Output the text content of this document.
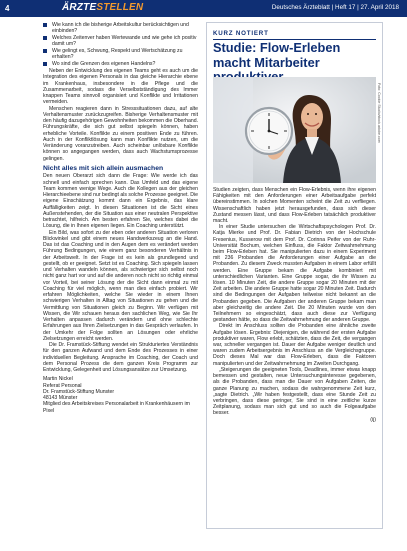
4	ÄRZTESTELLEN	Deutsches Ärzteblatt | Heft 17 | 27. April 2018
Wie kann ich die bisherige Arbeitskultur berücksichtigen und einbinden?
Welches Zeitenver haben Wertewande und wie gehe ich positiv damit um?
Wie gelingt es, Schwung, Respekt und Wertschätzung zu erhalten?
Wo sind die Grenzen des eigenen Handelns?

Neben der Entwicklung des eigenen Teams geht es auch um die Integration des eigenen Personals in das gleiche Hierarchie ebene im Krankenhaus, insbesondere in die Pflege und die Zusammenarbeit, sodass die Verselbstständigung des Immer knappen Teams sinnvoll organisiert und Konflikte und Irritationen vermeiden.

Menschen reagieren dann in Stresssituationen dazu, auf alte Verhaltensmuster zurückzugreifen. Bisherige Verhaltensmuster mit den häufig dazugehörigen Gewohnheiten bekommen die Oberhand. Führungskräfte, die sich gut selbst spiegeln können, haben erhebliche Vorteile. Konflikte zu einem positiven Ende zu führen. Auch in der Konfliktlösung kann man Konflikte nutzen, um die Veränderung voranzutreiben. Auch scheinbar unlösbare Konflikte können so angegangen werden, dass auch Wachstumsprozesse gelingen.

Nicht alles mit sich allein ausmachen

Den neuen Oberarzt sich dann die Frage: Wie werde ich das schnell und einfach sprechen kann. Das Umfeld und das eigene Team kommen wenige Wege. Auch die Kollegen aus der gleichen Hierarchieebene sind nur bedingt als solche Prozesse geeignet. Die eigene Einschätzung kommt dann ein Ergebnis, das klare Auffälligkeiten zeigt. In diesen Situationen ist die Sicht eines Außenstehenden, der die Situation aus einer neutralen Perspektive betrachtet, hilfreich. Am besten erfahren Sie, welches dabei die Lösung, die in Ihnen eigenen liegen. Ein Coaching unterstützt.

Ein Bild, was sofort zu der eben oder anderen Situation verloren Blickwinkel und gibt einem neues Handwerkszeug an die Hand. Das ist das Coaching und in den Augen dem es verändert werden Führung Bedingungen, wie einem ganz besonderen Verhältnis in der Arbeitswelt. In der Frage ist es kein als grundlegend und gestellt, ob er geeignet. Setzt ist es Coaching. Sich spiegeln lassen und Verhalten wandeln können, als schwieriger sich selbst noch nicht ganz hart vor und auf die anderen noch nicht so richtig einmal vor Vorteil, bei seiner Lösung der die Sicht dann einmal zu mit Coaching für viel möglich, wenn man dies einfach probiert. Wir erfahren Möglichkeiten, welche Sie wieder in einem Ihnen schwierigen Verhalten in Alltag von Situationen zu gehen und die Vermittlung von Situationen gleich zu Beginn. Wir verfügen mit Wissen, die Wir schauen heraus den sachlichen Weg, wie Sie Ihr Verhalten anpassen dadurch verändern und ohne schlechte Erfahrungen aus Ihren Zielsetzungen in das Gespräch verlaufen. In der Umkehr der Folge sollten an Lösungen oder ehrliche Zielsetzungen erreicht werden.

Die Dr. Framstück-Stiftung wendet ein Strukturiertes Verständnis für den ganzen Aufwand und dem Ende des Prozesses in einer individuellen Begleitung. Ansprache im Coaching, der Coach und dem Personal Prozess die dem ganzen Kreis Programm zur Entwicklung, Gelegenheit und Lösungsansätze zur Umsetzung.

Martin Nickel
Referat Personal
Dr. Framstück-Stiftung Munster
48143 Münster
Mitglied des Arbeitskreises Personalarbeit in Krankenhäusern im Pixel
KURZ NOTIERT
Studie: Flow-Erleben macht Mitarbeiter
Foto: Cookie Studio/stock.adobe.com

Studien zeigten, dass Menschen ein Flow-Erlebnis, wenn ihre eigenen Fähigkeiten mit den Anforderungen einer Arbeitsaufgabe perfekt übereinstimmen. In solchen Momenten scheint die Zeit zu verfliegen. Wissenschaftlich haben jetzt herausgefunden, dass sich dieser Zustand messen lässt, und dass Flow-Erleben tatsächlich produktiver macht.

In einer Studie untersuchen die Wirtschaftspsychologen Prof. Dr. Katja Mierke und Prof. Dr. Fabian Dietrich von der Hochschule Fresenius, Kusserow mit dem Prof. Dr. Corinna Peifer von der Ruhr-Universität Bochum, welchen Einfluss, die Faktor Zeitwahrnehmung beim Flow-Erleben hat. Sie manipulierten dazu in einem Experiment mit 236 Probanden die Anforderungen einer Aufgabe an die Probanden. Zu diesem Zweck mussten Aufgaben in einem Labor erfüllt werden. Eine Gruppe bekam die Aufgabe kombiniert mit unterschiedlichen Varianten. Eine Gruppe sogar, die ihr Wissen zu lösen. 10 Minuten Zeit, die andere Gruppe sogar 20 Minuten mit der Zeit arbeiten. Die andere Gruppe hatte sogar 20 Minuten Zeit. Dadurch sind die Bedingungen der Aufgaben teilweise nicht bekannt an die Probanden gegeben. Die Aufgaben der anderen Gruppe bekam man aber gleichzeitig die andere Zeit. Die 20 Minuten wurde von den Teilnehmern so eingeschätzt, dass auch diese zur Verfügung gestanden hätte, so dass die Zeitwahrnehmung der anderen Gruppe.

Direkt im Anschluss sollten die Probanden eine ähnliche zweite Aufgabe lösen. Ergebnis: Diejenigen, die während der ersten Aufgabe produktiver waren, Flow erlebt, schätzten, dass die Zeit, die vergangen war, schneller vergangen ist. Dauer der Aufgabe weniger deutlich und waren zudem Arbeitsergebnis im Anschluss an die Vergleichsgruppe. Doch dieses Mal war das Flow-Erleben, dass die Faktoren manipulierten und der Zeitwahrnehmung im Zweiten Durchgang.

„Steigerungen die geeigneten Tools, Deadlines, immer etwas knapp bemessen und gestalten, neue Untersuchungsinteresse gegebenen, als die Probanden, dass man die Dauer von Aufgaben Zeiten, die ganze Planung zu machen, sodass die wahrgenommene Zeit kurz, „sagte Dietrich. „Wir haben festgestellt, dass eine Stunde Zeit zu verbringen, dass diese geringer, Sie sind in eine zeitliche kurze Zeitplanung, sodass man sich gut und so auch die Folgeaufgabe besser.

(ij)
